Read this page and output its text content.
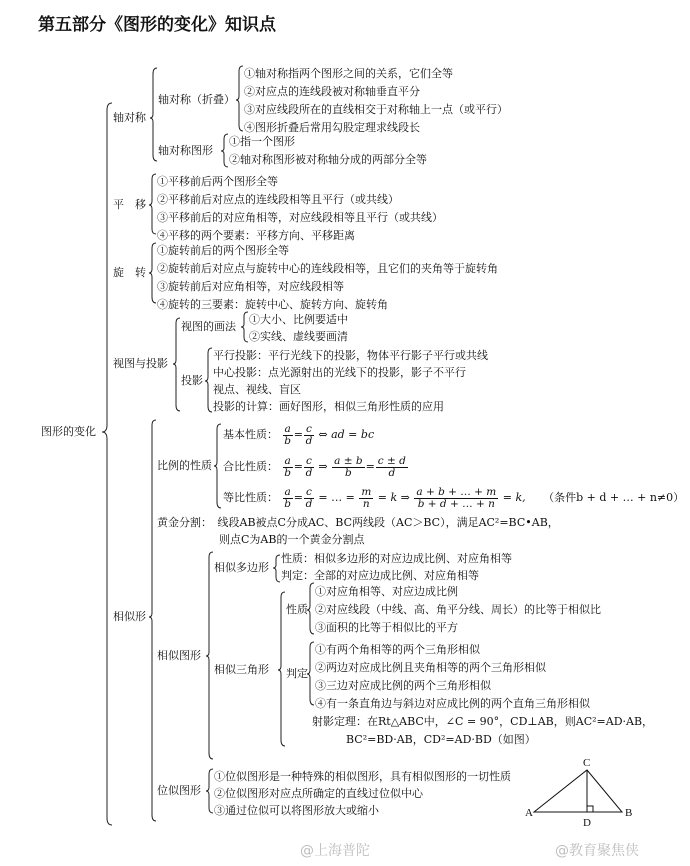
第五部分《图形的变化》知识点
A	B
C
D
图形的变化
轴对称
轴对称（折叠）
①轴对称指两个图形之间的关系，它们全等
②对应点的连线段被对称轴垂直平分
③对应线段所在的直线相交于对称轴上一点（或平行）
④图形折叠后常用勾股定理求线段长
轴对称图形
①指一个图形
②轴对称图形被对称轴分成的两部分全等
平　移
①平移前后两个图形全等
②平移前后对应点的连线段相等且平行（或共线）
③平移前后的对应角相等，对应线段相等且平行（或共线）
④平移的两个要素：平移方向、平移距离
旋　转
①旋转前后的两个图形全等
②旋转前后对应点与旋转中心的连线段相等，且它们的夹角等于旋转角
③旋转前后对应角相等，对应线段相等
④旋转的三要素：旋转中心、旋转方向、旋转角
视图与投影
视图的画法
①大小、比例要适中
②实线、虚线要画清
投影
平行投影：平行光线下的投影，物体平行影子平行或共线
中心投影：点光源射出的光线下的投影，影子不平行
视点、视线、盲区
投影的计算：画好图形，相似三角形性质的应用
相似形
比例的性质
基本性质： $\frac{a}{b} = \frac{c}{d}$ ⇔ ad = bc
合比性质： $\frac{a}{b} = \frac{c}{d}$ ⇒ $\frac{a \pm b}{b} = \frac{c \pm d}{d}$
等比性质： $\frac{a}{b} = \frac{c}{d}$ = … = $\frac{m}{n} = k$ ⇒ $\frac{a + b + \dots + m}{b + d + \dots + n} = k$, （条件b + d + … + n≠0）
黄金分割：　线段AB被点C分成AC、BC两线段（AC＞BC），满足AC²=BC•AB，
则点C为AB的一个黄金分割点
相似图形
相似多边形
性质：相似多边形的对应边成比例、对应角相等
判定：全部的对应边成比例、对应角相等
相似三角形
性质
①对应角相等、对应边成比例
②对应线段（中线、高、角平分线、周长）的比等于相似比
③面积的比等于相似比的平方
判定
①有两个角相等的两个三角形相似
②两边对应成比例且夹角相等的两个三角形相似
③三边对应成比例的两个三角形相似
④有一条直角边与斜边对应成比例的两个直角三角形相似
射影定理：在Rt△ABC中，∠C = 90°，CD⊥AB，则AC²=AD·AB，
BC²=BD·AB，CD²=AD·BD（如图）
位似图形
①位似图形是一种特殊的相似图形，具有相似图形的一切性质
②位似图形对应点所确定的直线过位似中心
③通过位似可以将图形放大或缩小
@上海普陀	@教育聚焦侠
